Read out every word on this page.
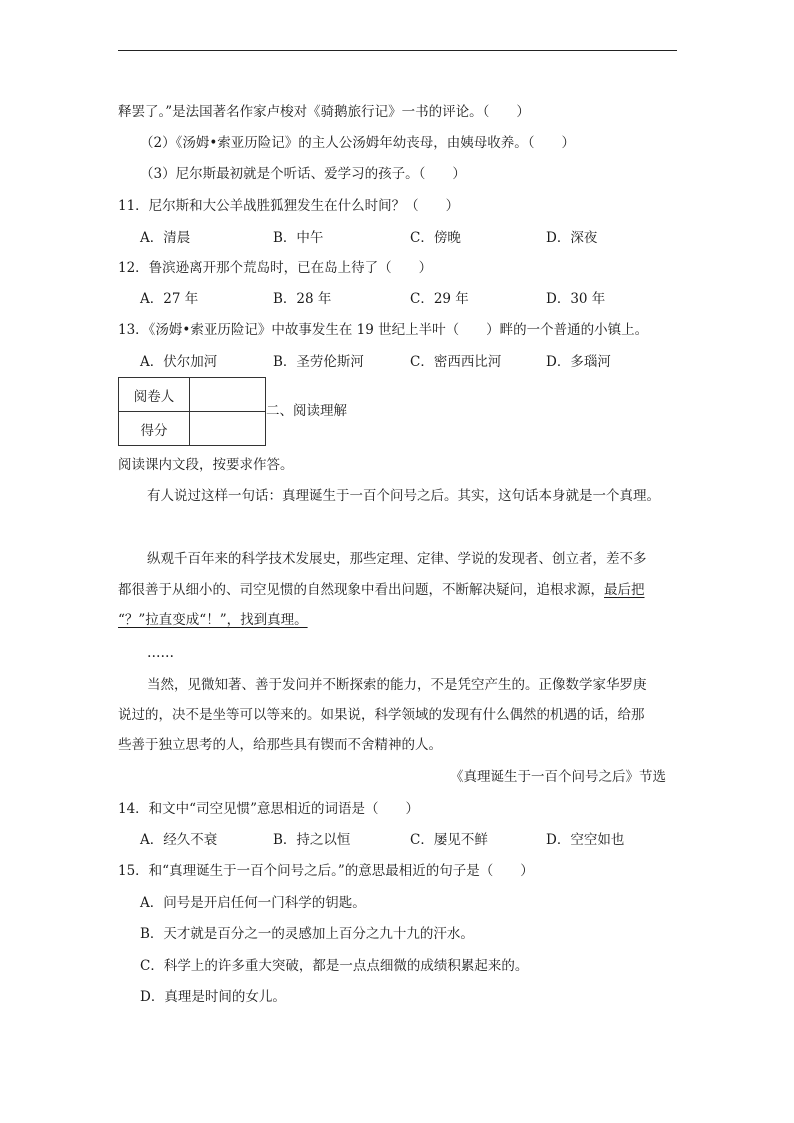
释罢了。”是法国著名作家卢梭对《骑鹅旅行记》一书的评论。（　　）
（2）《汤姆•索亚历险记》的主人公汤姆年幼丧母，由姨母收养。（　　）
（3）尼尔斯最初就是个听话、爱学习的孩子。（　　）
11．尼尔斯和大公羊战胜狐狸发生在什么时间？（　　）
A．清晨	B．中午	C．傍晚	D．深夜
12．鲁滨逊离开那个荒岛时，已在岛上待了（　　）
A．27 年	B．28 年	C．29 年	D．30 年
13．《汤姆•索亚历险记》中故事发生在 19 世纪上半叶（　　）畔的一个普通的小镇上。
A．伏尔加河	B．圣劳伦斯河	C．密西西比河	D．多瑙河
阅卷人	
得分	
二、阅读理解
阅读课内文段，按要求作答。
有人说过这样一句话：真理诞生于一百个问号之后。其实，这句话本身就是一个真理。
纵观千百年来的科学技术发展史，那些定理、定律、学说的发现者、创立者，差不多
都很善于从细小的、司空见惯的自然现象中看出问题，不断解决疑问，追根求源，最后把
“？”拉直变成“！”，找到真理。
……
当然，见微知著、善于发问并不断探索的能力，不是凭空产生的。正像数学家华罗庚
说过的，决不是坐等可以等来的。如果说，科学领域的发现有什么偶然的机遇的话，给那
些善于独立思考的人，给那些具有锲而不舍精神的人。
《真理诞生于一百个问号之后》节选
14．和文中“司空见惯”意思相近的词语是（　　）
A．经久不衰	B．持之以恒	C．屡见不鲜	D．空空如也
15．和“真理诞生于一百个问号之后。”的意思最相近的句子是（　　）
A．问号是开启任何一门科学的钥匙。
B．天才就是百分之一的灵感加上百分之九十九的汗水。
C．科学上的许多重大突破，都是一点点细微的成绩积累起来的。
D．真理是时间的女儿。
